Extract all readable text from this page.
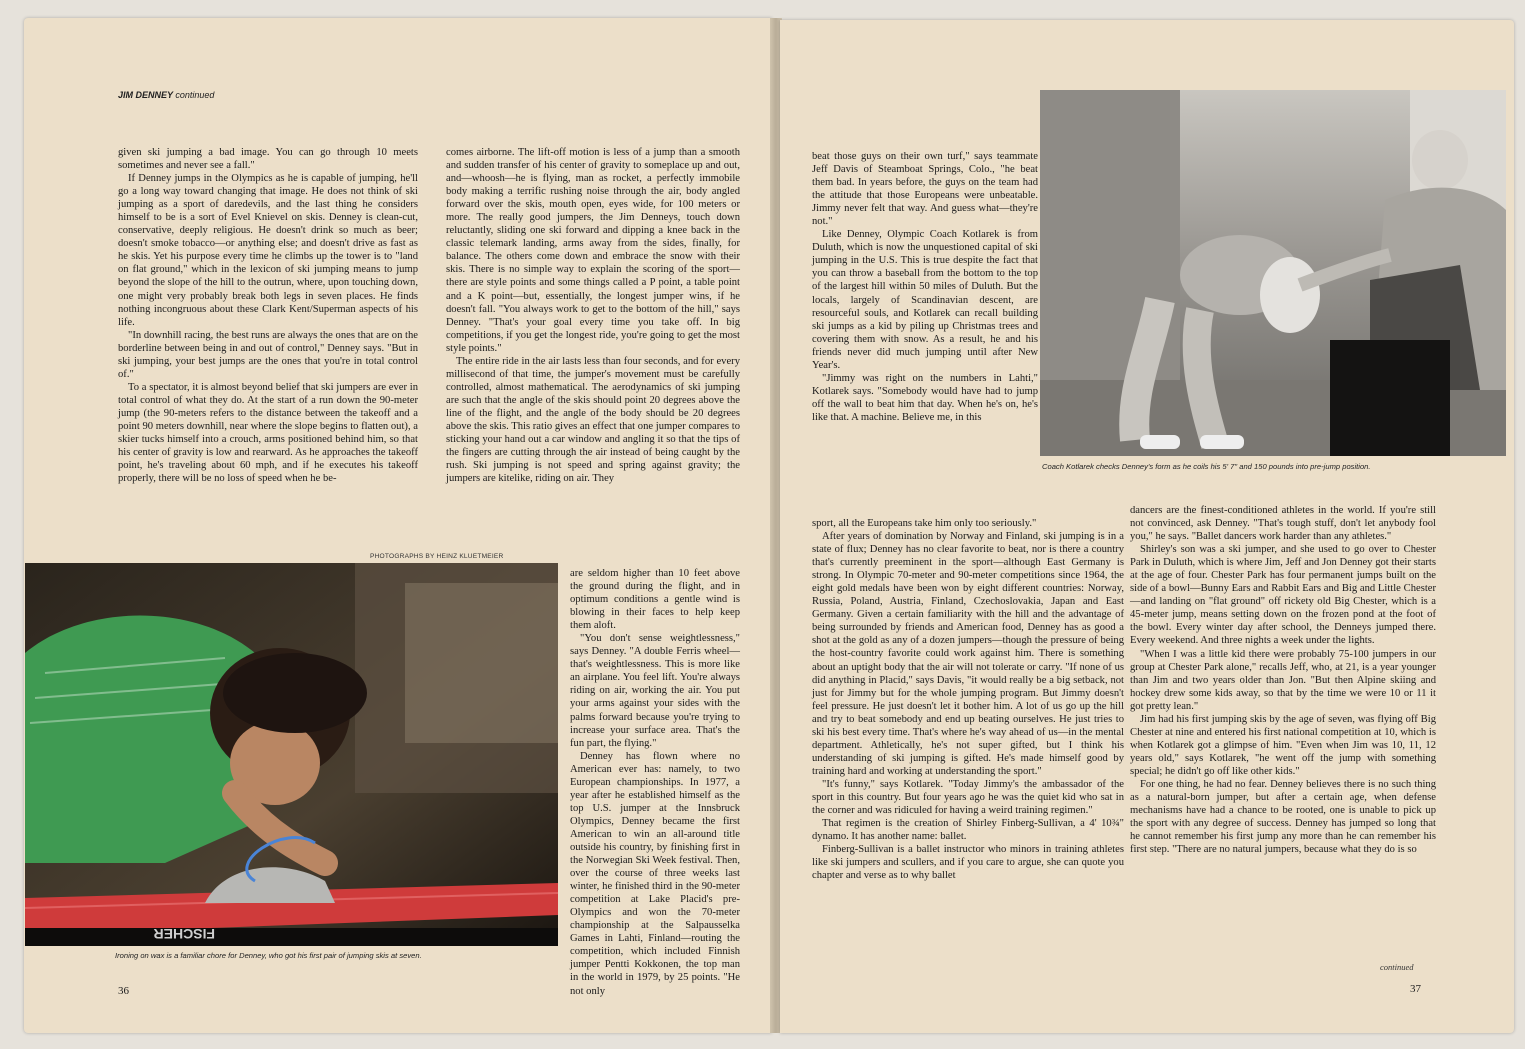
JIM DENNEY continued

given ski jumping a bad image. You can go through 10 meets sometimes and never see a fall."

If Denney jumps in the Olympics as he is capable of jumping, he'll go a long way toward changing that image. He does not think of ski jumping as a sport of daredevils, and the last thing he considers himself to be is a sort of Evel Knievel on skis. Denney is clean-cut, conservative, deeply religious. He doesn't drink so much as beer; doesn't smoke tobacco—or anything else; and doesn't drive as fast as he skis. Yet his purpose every time he climbs up the tower is to "land on flat ground," which in the lexicon of ski jumping means to jump beyond the slope of the hill to the outrun, where, upon touching down, one might very probably break both legs in seven places. He finds nothing incongruous about these Clark Kent/Superman aspects of his life.

"In downhill racing, the best runs are always the ones that are on the borderline between being in and out of control," Denney says. "But in ski jumping, your best jumps are the ones that you're in total control of."

To a spectator, it is almost beyond belief that ski jumpers are ever in total control of what they do. At the start of a run down the 90-meter jump (the 90-meters refers to the distance between the takeoff and a point 90 meters downhill, near where the slope begins to flatten out), a skier tucks himself into a crouch, arms positioned behind him, so that his center of gravity is low and rearward. As he approaches the takeoff point, he's traveling about 60 mph, and if he executes his takeoff properly, there will be no loss of speed when he be-

comes airborne. The lift-off motion is less of a jump than a smooth and sudden transfer of his center of gravity to someplace up and out, and—whoosh—he is flying, man as rocket, a perfectly immobile body making a terrific rushing noise through the air, body angled forward over the skis, mouth open, eyes wide, for 100 meters or more. The really good jumpers, the Jim Denneys, touch down reluctantly, sliding one ski forward and dipping a knee back in the classic telemark landing, arms away from the sides, finally, for balance. The others come down and embrace the snow with their skis. There is no simple way to explain the scoring of the sport—there are style points and some things called a P point, a table point and a K point—but, essentially, the longest jumper wins, if he doesn't fall. "You always work to get to the bottom of the hill," says Denney. "That's your goal every time you take off. In big competitions, if you get the longest ride, you're going to get the most style points."

The entire ride in the air lasts less than four seconds, and for every millisecond of that time, the jumper's movement must be carefully controlled, almost mathematical. The aerodynamics of ski jumping are such that the angle of the skis should point 20 degrees above the line of the flight, and the angle of the body should be 20 degrees above the skis. This ratio gives an effect that one jumper compares to sticking your hand out a car window and angling it so that the tips of the fingers are cutting through the air instead of being caught by the rush. Ski jumping is not speed and spring against gravity; the jumpers are kitelike, riding on air. They

are seldom higher than 10 feet above the ground during the flight, and in optimum conditions a gentle wind is blowing in their faces to help keep them aloft.

"You don't sense weightlessness," says Denney. "A double Ferris wheel—that's weightlessness. This is more like an airplane. You feel lift. You're always riding on air, working the air. You put your arms against your sides with the palms forward because you're trying to increase your surface area. That's the fun part, the flying."

Denney has flown where no American ever has: namely, to two European championships. In 1977, a year after he established himself as the top U.S. jumper at the Innsbruck Olympics, Denney became the first American to win an all-around title outside his country, by finishing first in the Norwegian Ski Week festival. Then, over the course of three weeks last winter, he finished third in the 90-meter competition at Lake Placid's pre-Olympics and won the 70-meter championship at the Salpausselka Games in Lahti, Finland—routing the competition, which included Finnish jumper Pentti Kokkonen, the top man in the world in 1979, by 25 points. "He not only

PHOTOGRAPHS BY HEINZ KLUETMEIER
FISCHER
Ironing on wax is a familiar chore for Denney, who got his first pair of jumping skis at seven.
36
Coach Kotlarek checks Denney's form as he coils his 5' 7" and 150 pounds into pre-jump position.

beat those guys on their own turf," says teammate Jeff Davis of Steamboat Springs, Colo., "he beat them bad. In years before, the guys on the team had the attitude that those Europeans were unbeatable. Jimmy never felt that way. And guess what—they're not."

Like Denney, Olympic Coach Kotlarek is from Duluth, which is now the unquestioned capital of ski jumping in the U.S. This is true despite the fact that you can throw a baseball from the bottom to the top of the largest hill within 50 miles of Duluth. But the locals, largely of Scandinavian descent, are resourceful souls, and Kotlarek can recall building ski jumps as a kid by piling up Christmas trees and covering them with snow. As a result, he and his friends never did much jumping until after New Year's.

"Jimmy was right on the numbers in Lahti," Kotlarek says. "Somebody would have had to jump off the wall to beat him that day. When he's on, he's like that. A machine. Believe me, in this

sport, all the Europeans take him only too seriously."

After years of domination by Norway and Finland, ski jumping is in a state of flux; Denney has no clear favorite to beat, nor is there a country that's currently preeminent in the sport—although East Germany is strong. In Olympic 70-meter and 90-meter competitions since 1964, the eight gold medals have been won by eight different countries: Norway, Russia, Poland, Austria, Finland, Czechoslovakia, Japan and East Germany. Given a certain familiarity with the hill and the advantage of being surrounded by friends and American food, Denney has as good a shot at the gold as any of a dozen jumpers—though the pressure of being the host-country favorite could work against him. There is something about an uptight body that the air will not tolerate or carry. "If none of us did anything in Placid," says Davis, "it would really be a big setback, not just for Jimmy but for the whole jumping program. But Jimmy doesn't feel pressure. He just doesn't let it bother him. A lot of us go up the hill and try to beat somebody and end up beating ourselves. He just tries to ski his best every time. That's where he's way ahead of us—in the mental department. Athletically, he's not super gifted, but I think his understanding of ski jumping is gifted. He's made himself good by training hard and working at understanding the sport."

"It's funny," says Kotlarek. "Today Jimmy's the ambassador of the sport in this country. But four years ago he was the quiet kid who sat in the corner and was ridiculed for having a weird training regimen."

That regimen is the creation of Shirley Finberg-Sullivan, a 4' 10¾" dynamo. It has another name: ballet.

Finberg-Sullivan is a ballet instructor who minors in training athletes like ski jumpers and scullers, and if you care to argue, she can quote you chapter and verse as to why ballet

dancers are the finest-conditioned athletes in the world. If you're still not convinced, ask Denney. "That's tough stuff, don't let anybody fool you," he says. "Ballet dancers work harder than any athletes."

Shirley's son was a ski jumper, and she used to go over to Chester Park in Duluth, which is where Jim, Jeff and Jon Denney got their starts at the age of four. Chester Park has four permanent jumps built on the side of a bowl—Bunny Ears and Rabbit Ears and Big and Little Chester—and landing on "flat ground" off rickety old Big Chester, which is a 45-meter jump, means setting down on the frozen pond at the foot of the bowl. Every winter day after school, the Denneys jumped there. Every weekend. And three nights a week under the lights.

"When I was a little kid there were probably 75-100 jumpers in our group at Chester Park alone," recalls Jeff, who, at 21, is a year younger than Jim and two years older than Jon. "But then Alpine skiing and hockey drew some kids away, so that by the time we were 10 or 11 it got pretty lean."

Jim had his first jumping skis by the age of seven, was flying off Big Chester at nine and entered his first national competition at 10, which is when Kotlarek got a glimpse of him. "Even when Jim was 10, 11, 12 years old," says Kotlarek, "he went off the jump with something special; he didn't go off like other kids."

For one thing, he had no fear. Denney believes there is no such thing as a natural-born jumper, but after a certain age, when defense mechanisms have had a chance to be rooted, one is unable to pick up the sport with any degree of success. Denney has jumped so long that he cannot remember his first jump any more than he can remember his first step. "There are no natural jumpers, because what they do is so

continued
37
